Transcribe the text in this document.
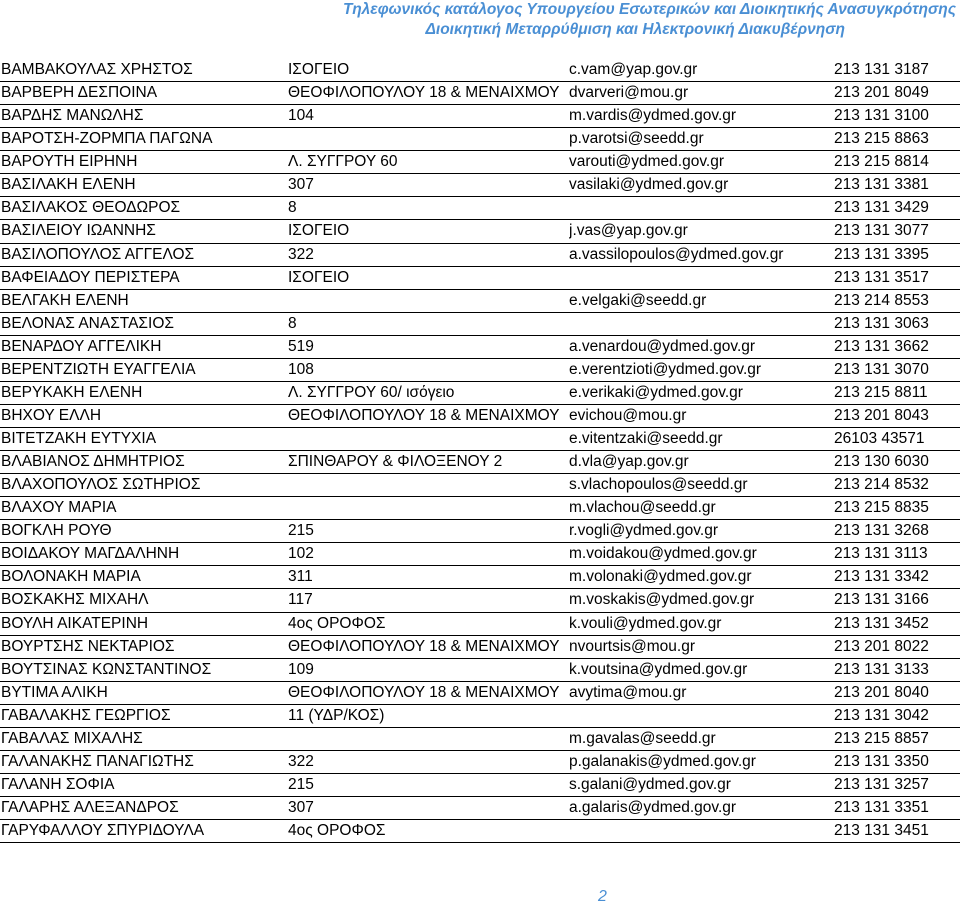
Τηλεφωνικός κατάλογος Υπουργείου Εσωτερικών και Διοικητικής Ανασυγκρότησης
Διοικητική Μεταρρύθμιση και Ηλεκτρονική Διακυβέρνηση
ΒΑΜΒΑΚΟΥΛΑΣ ΧΡΗΣΤΟΣ	ΙΣΟΓΕΙΟ	c.vam@yap.gov.gr	213 131 3187
ΒΑΡΒΕΡΗ ΔΕΣΠΟΙΝΑ	ΘΕΟΦΙΛΟΠΟΥΛΟΥ 18 & ΜΕΝΑΙΧΜΟΥ dvarveri@mou.gr	213 201 8049
ΒΑΡΔΗΣ ΜΑΝΩΛΗΣ	104	m.vardis@ydmed.gov.gr	213 131 3100
ΒΑΡΟΤΣΗ-ΖΟΡΜΠΑ ΠΑΓΩΝΑ	p.varotsi@seedd.gr	213 215 8863
ΒΑΡΟΥΤΗ ΕΙΡΗΝΗ	Λ. ΣΥΓΓΡΟΥ 60	varouti@ydmed.gov.gr	213 215 8814
ΒΑΣΙΛΑΚΗ ΕΛΕΝΗ	307	vasilaki@ydmed.gov.gr	213 131 3381
ΒΑΣΙΛΑΚΟΣ ΘΕΟΔΩΡΟΣ	8	213 131 3429
ΒΑΣΙΛΕΙΟΥ ΙΩΑΝΝΗΣ	ΙΣΟΓΕΙΟ	j.vas@yap.gov.gr	213 131 3077
ΒΑΣΙΛΟΠΟΥΛΟΣ ΑΓΓΕΛΟΣ	322	a.vassilopoulos@ydmed.gov.gr	213 131 3395
ΒΑΦΕΙΑΔΟΥ ΠΕΡΙΣΤΕΡΑ	ΙΣΟΓΕΙΟ	213 131 3517
ΒΕΛΓΑΚΗ ΕΛΕΝΗ	e.velgaki@seedd.gr	213 214 8553
ΒΕΛΟΝΑΣ ΑΝΑΣΤΑΣΙΟΣ	8	213 131 3063
ΒΕΝΑΡΔΟΥ ΑΓΓΕΛΙΚΗ	519	a.venardou@ydmed.gov.gr	213 131 3662
ΒΕΡΕΝΤΖΙΩΤΗ ΕΥΑΓΓΕΛΙΑ	108	e.verentzioti@ydmed.gov.gr	213 131 3070
ΒΕΡΥΚΑΚΗ ΕΛΕΝΗ	Λ. ΣΥΓΓΡΟΥ 60/ ισόγειο	e.verikaki@ydmed.gov.gr	213 215 8811
ΒΗΧΟΥ ΕΛΛΗ	ΘΕΟΦΙΛΟΠΟΥΛΟΥ 18 & ΜΕΝΑΙΧΜΟΥ evichou@mou.gr	213 201 8043
ΒΙΤΕΤΖΑΚΗ ΕΥΤΥΧΙΑ	e.vitentzaki@seedd.gr	26103 43571
ΒΛΑΒΙΑΝΟΣ ΔΗΜΗΤΡΙΟΣ	ΣΠΙΝΘΑΡΟΥ & ΦΙΛΟΞΕΝΟΥ 2	d.vla@yap.gov.gr	213 130 6030
ΒΛΑΧΟΠΟΥΛΟΣ ΣΩΤΗΡΙΟΣ	s.vlachopoulos@seedd.gr	213 214 8532
ΒΛΑΧΟΥ ΜΑΡΙΑ	m.vlachou@seedd.gr	213 215 8835
ΒΟΓΚΛΗ ΡΟΥΘ	215	r.vogli@ydmed.gov.gr	213 131 3268
ΒΟΙΔΑΚΟΥ ΜΑΓΔΑΛΗΝΗ	102	m.voidakou@ydmed.gov.gr	213 131 3113
ΒΟΛΟΝΑΚΗ ΜΑΡΙΑ	311	m.volonaki@ydmed.gov.gr	213 131 3342
ΒΟΣΚΑΚΗΣ ΜΙΧΑΗΛ	117	m.voskakis@ydmed.gov.gr	213 131 3166
ΒΟΥΛΗ ΑΙΚΑΤΕΡΙΝΗ	4ος ΟΡΟΦΟΣ	k.vouli@ydmed.gov.gr	213 131 3452
ΒΟΥΡΤΣΗΣ ΝΕΚΤΑΡΙΟΣ	ΘΕΟΦΙΛΟΠΟΥΛΟΥ 18 & ΜΕΝΑΙΧΜΟΥ nvourtsis@mou.gr	213 201 8022
ΒΟΥΤΣΙΝΑΣ ΚΩΝΣΤΑΝΤΙΝΟΣ	109	k.voutsina@ydmed.gov.gr	213 131 3133
ΒΥΤΙΜΑ ΑΛΙΚΗ	ΘΕΟΦΙΛΟΠΟΥΛΟΥ 18 & ΜΕΝΑΙΧΜΟΥ avytima@mou.gr	213 201 8040
ΓΑΒΑΛΑΚΗΣ ΓΕΩΡΓΙΟΣ	11 (ΥΔΡ/ΚΟΣ)	213 131 3042
ΓΑΒΑΛΑΣ ΜΙΧΑΛΗΣ	m.gavalas@seedd.gr	213 215 8857
ΓΑΛΑΝΑΚΗΣ ΠΑΝΑΓΙΩΤΗΣ	322	p.galanakis@ydmed.gov.gr	213 131 3350
ΓΑΛΑΝΗ ΣΟΦΙΑ	215	s.galani@ydmed.gov.gr	213 131 3257
ΓΑΛΑΡΗΣ ΑΛΕΞΑΝΔΡΟΣ	307	a.galaris@ydmed.gov.gr	213 131 3351
ΓΑΡΥΦΑΛΛΟΥ ΣΠΥΡΙΔΟΥΛΑ	4ος ΟΡΟΦΟΣ	213 131 3451
2
